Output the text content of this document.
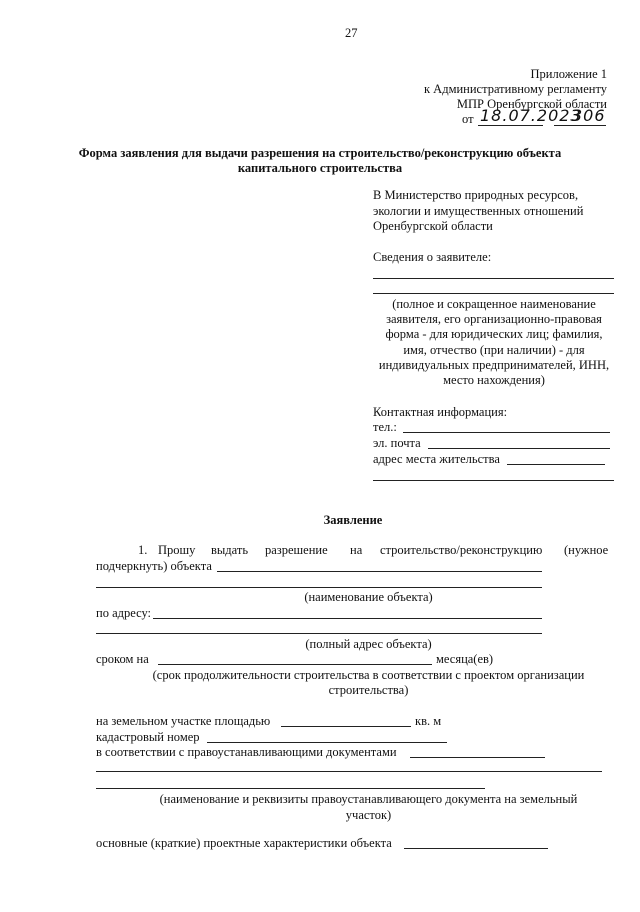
27
Приложение 1
к Административному регламенту
МПР Оренбургской области
от 18.07.2023
306
Форма заявления для выдачи разрешения на строительство/реконструкцию объекта
капитального строительства
В Министерство природных ресурсов,
экологии и имущественных отношений
Оренбургской области
Сведения о заявителе:
(полное и сокращенное наименование
заявителя, его организационно-правовая
форма - для юридических лиц; фамилия,
имя, отчество (при наличии) - для
индивидуальных предпринимателей, ИНН,
место нахождения)
Контактная информация:
тел.:
эл. почта
адрес места жительства
Заявление
1. Прошу выдать разрешение на строительство/реконструкцию (нужное
подчеркнуть) объекта
(наименование объекта)
по адресу:
(полный адрес объекта)
сроком на	месяца(ев)
(срок продолжительности строительства в соответствии с проектом организации
строительства)
на земельном участке площадью	кв. м
кадастровый номер
в соответствии с правоустанавливающими документами
(наименование и реквизиты правоустанавливающего документа на земельный
участок)
основные (краткие) проектные характеристики объекта
